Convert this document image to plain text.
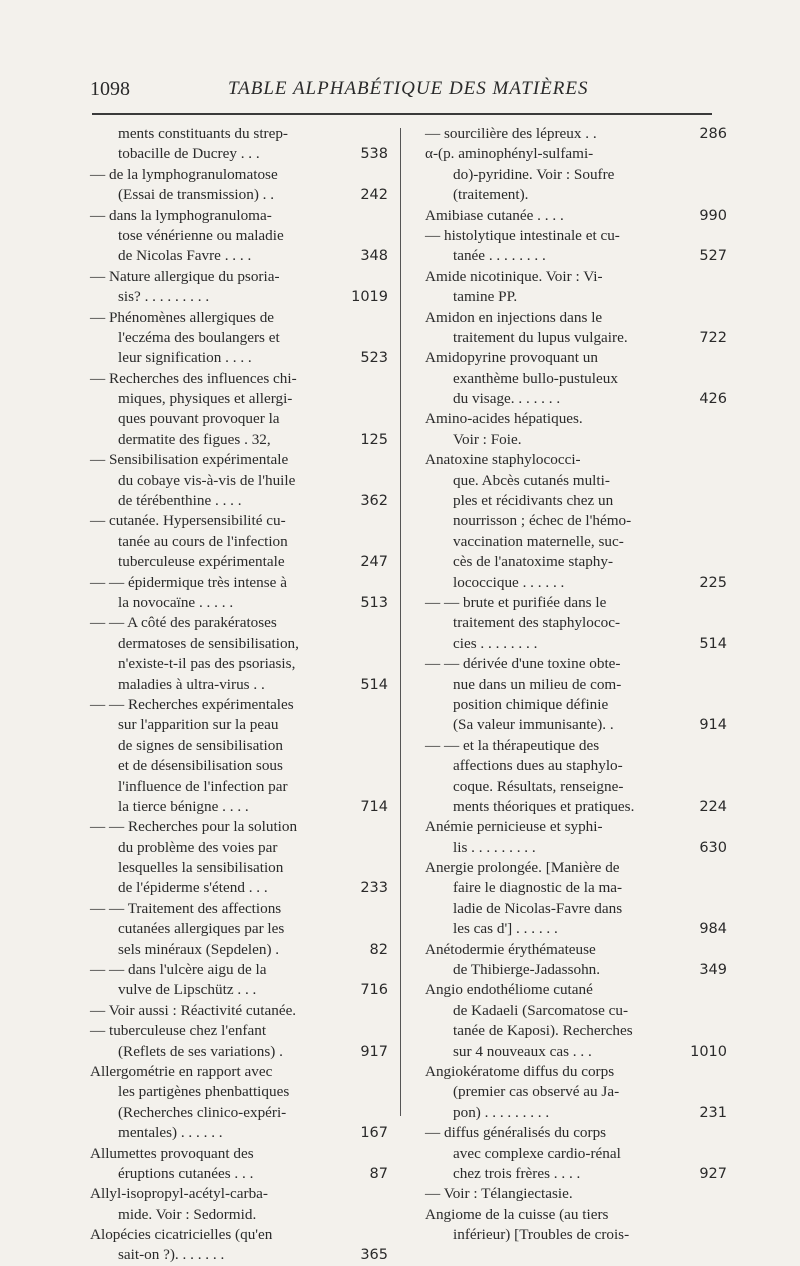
1098	TABLE ALPHABÉTIQUE DES MATIÈRES
ments constituants du strep-
tobacille de Ducrey . . .	538
— de la lymphogranulomatose
(Essai de transmission) . .	242
— dans la lymphogranuloma-
tose vénérienne ou maladie
de Nicolas Favre . . . .	348
— Nature allergique du psoria-
sis? . . . . . . . . .	1019
— Phénomènes allergiques de
l'eczéma des boulangers et
leur signification . . . .	523
— Recherches des influences chi-
miques, physiques et allergi-
ques pouvant provoquer la
dermatite des figues . 32,	125
— Sensibilisation expérimentale
du cobaye vis-à-vis de l'huile
de térébenthine . . . .	362
— cutanée. Hypersensibilité cu-
tanée au cours de l'infection
tuberculeuse expérimentale	247
— — épidermique très intense à
la novocaïne . . . . .	513
— — A côté des parakératoses
dermatoses de sensibilisation,
n'existe-t-il pas des psoriasis,
maladies à ultra-virus . .	514
— — Recherches expérimentales
sur l'apparition sur la peau
de signes de sensibilisation
et de désensibilisation sous
l'influence de l'infection par
la tierce bénigne . . . .	714
— — Recherches pour la solution
du problème des voies par
lesquelles la sensibilisation
de l'épiderme s'étend . . .	233
— — Traitement des affections
cutanées allergiques par les
sels minéraux (Sepdelen) .	82
— — dans l'ulcère aigu de la
vulve de Lipschütz . . .	716
— Voir aussi : Réactivité cutanée.
— tuberculeuse chez l'enfant
(Reflets de ses variations) .	917
Allergométrie en rapport avec
les partigènes phenbattiques
(Recherches clinico-expéri-
mentales) . . . . . .	167
Allumettes provoquant des
éruptions cutanées . . .	87
Allyl-isopropyl-acétyl-carba-
mide. Voir : Sedormid.
Alopécies cicatricielles (qu'en
sait-on ?). . . . . . .	365
— sourcilière des lépreux . .	286
α-(p. aminophényl-sulfami-
do)-pyridine. Voir : Soufre
(traitement).
Amibiase cutanée . . . .	990
— histolytique intestinale et cu-
tanée . . . . . . . .	527
Amide nicotinique. Voir : Vi-
tamine PP.
Amidon en injections dans le
traitement du lupus vulgaire.	722
Amidopyrine provoquant un
exanthème bullo-pustuleux
du visage. . . . . . .	426
Amino-acides hépatiques.
Voir : Foie.
Anatoxine staphylococci-
que. Abcès cutanés multi-
ples et récidivants chez un
nourrisson ; échec de l'hémo-
vaccination maternelle, suc-
cès de l'anatoxime staphy-
lococcique . . . . . .	225
— — brute et purifiée dans le
traitement des staphylococ-
cies . . . . . . . .	514
— — dérivée d'une toxine obte-
nue dans un milieu de com-
position chimique définie
(Sa valeur immunisante). .	914
— — et la thérapeutique des
affections dues au staphylo-
coque. Résultats, renseigne-
ments théoriques et pratiques.	224
Anémie pernicieuse et syphi-
lis . . . . . . . . .	630
Anergie prolongée. [Manière de
faire le diagnostic de la ma-
ladie de Nicolas-Favre dans
les cas d'] . . . . . .	984
Anétodermie érythémateuse
de Thibierge-Jadassohn.	349
Angio endothéliome cutané
de Kadaeli (Sarcomatose cu-
tanée de Kaposi). Recherches
sur 4 nouveaux cas . . .	1010
Angiokératome diffus du corps
(premier cas observé au Ja-
pon) . . . . . . . . .	231
— diffus généralisés du corps
avec complexe cardio-rénal
chez trois frères . . . .	927
— Voir : Télangiectasie.
Angiome de la cuisse (au tiers
inférieur) [Troubles de crois-
